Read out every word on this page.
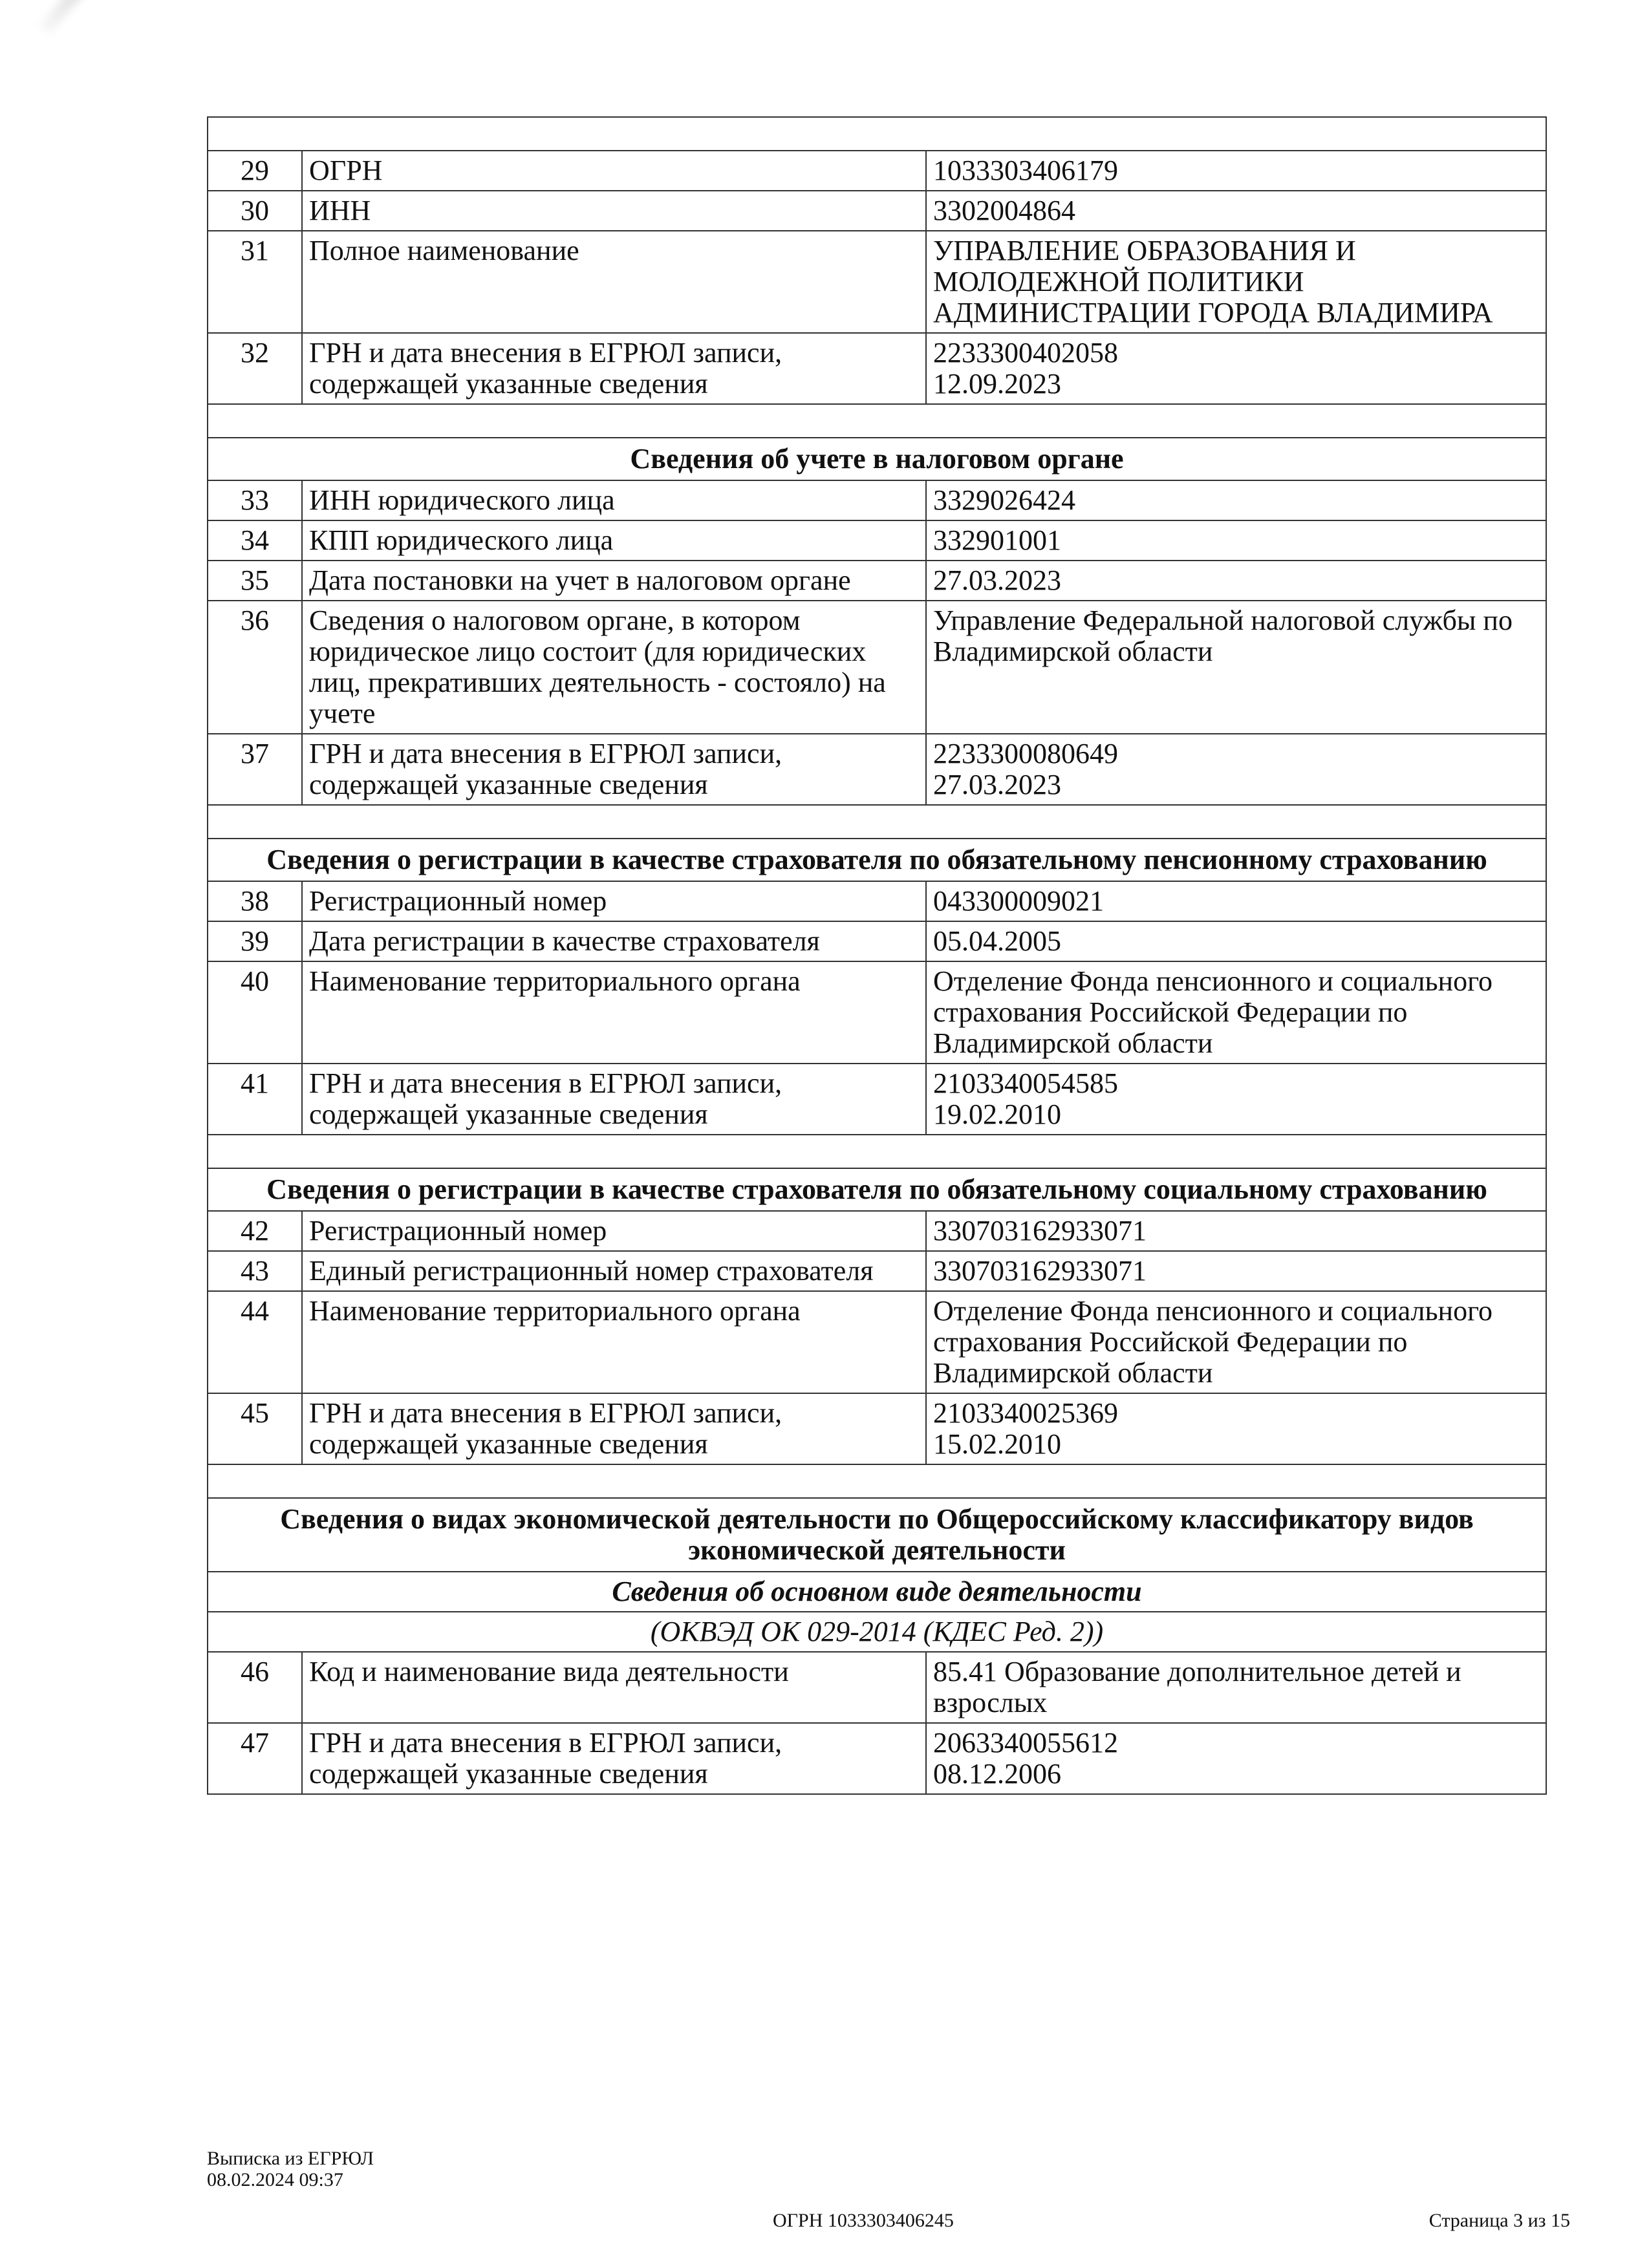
29	ОГРН	1033303406179
30	ИНН	3302004864
31	Полное наименование	УПРАВЛЕНИЕ ОБРАЗОВАНИЯ И МОЛОДЕЖНОЙ ПОЛИТИКИ АДМИНИСТРАЦИИ ГОРОДА ВЛАДИМИРА
32	ГРН и дата внесения в ЕГРЮЛ записи, содержащей указанные сведения	2233300402058
12.09.2023

Сведения об учете в налоговом органе		
33	ИНН юридического лица	3329026424
34	КПП юридического лица	332901001
35	Дата постановки на учет в налоговом органе	27.03.2023
36	Сведения о налоговом органе, в котором юридическое лицо состоит (для юридических лиц, прекративших деятельность - состояло) на учете	Управление Федеральной налоговой службы по Владимирской области
37	ГРН и дата внесения в ЕГРЮЛ записи, содержащей указанные сведения	2233300080649
27.03.2023

Сведения о регистрации в качестве страхователя по обязательному пенсионному страхованию		
38	Регистрационный номер	043300009021
39	Дата регистрации в качестве страхователя	05.04.2005
40	Наименование территориального органа	Отделение Фонда пенсионного и социального страхования Российской Федерации по Владимирской области
41	ГРН и дата внесения в ЕГРЮЛ записи, содержащей указанные сведения	2103340054585
19.02.2010

Сведения о регистрации в качестве страхователя по обязательному социальному страхованию		
42	Регистрационный номер	330703162933071
43	Единый регистрационный номер страхователя	330703162933071
44	Наименование территориального органа	Отделение Фонда пенсионного и социального страхования Российской Федерации по Владимирской области
45	ГРН и дата внесения в ЕГРЮЛ записи, содержащей указанные сведения	2103340025369
15.02.2010

Сведения о видах экономической деятельности по Общероссийскому классификатору видов экономической деятельности		
Сведения об основном виде деятельности		
(ОКВЭД ОК 029-2014 (КДЕС Ред. 2))		
46	Код и наименование вида деятельности	85.41 Образование дополнительное детей и взрослых
47	ГРН и дата внесения в ЕГРЮЛ записи, содержащей указанные сведения	2063340055612
08.12.2006
Выписка из ЕГРЮЛ
08.02.2024 09:37
ОГРН 1033303406245	Страница 3 из 15
